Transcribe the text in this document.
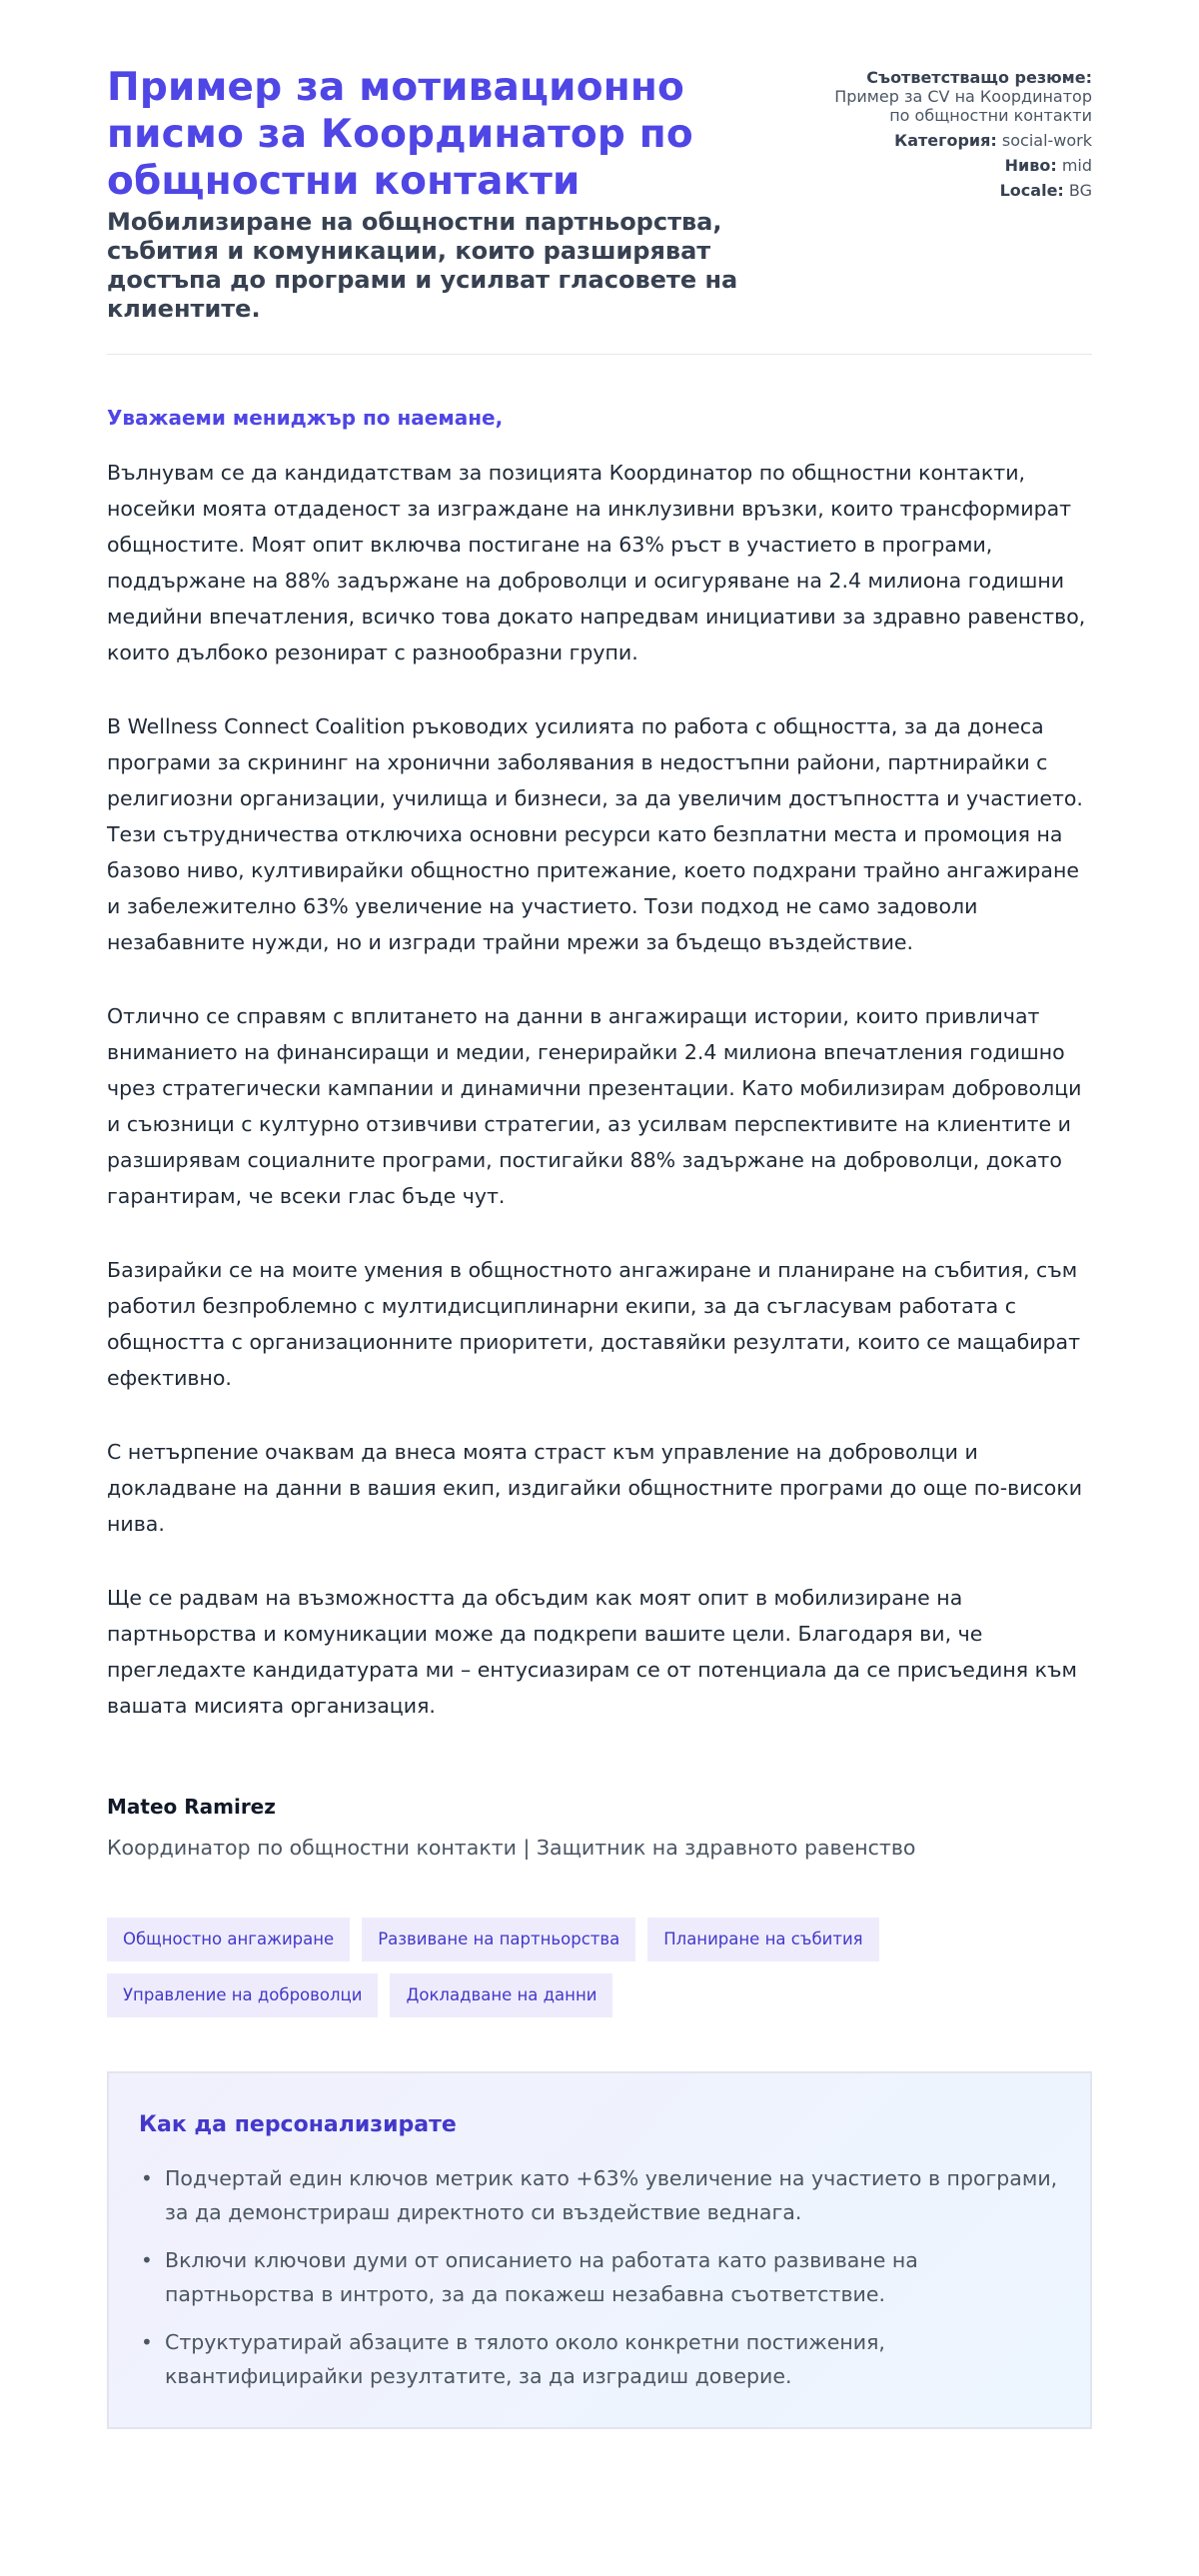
Пример за мотивационно писмо за Координатор по общностни контакти
Мобилизиране на общностни партньорства, събития и комуникации, които разширяват достъпа до програми и усилват гласовете на клиентите.
Съответстващо резюме: Пример за CV на Координатор по общностни контакти
Категория: social-work
Ниво: mid
Locale: BG
Уважаеми мениджър по наемане,

Вълнувам се да кандидатствам за позицията Координатор по общностни контакти, носейки моята отдаденост за изграждане на инклузивни връзки, които трансформират общностите. Моят опит включва постигане на 63% ръст в участието в програми, поддържане на 88% задържане на доброволци и осигуряване на 2.4 милиона годишни медийни впечатления, всичко това докато напредвам инициативи за здравно равенство, които дълбоко резонират с разнообразни групи.

В Wellness Connect Coalition ръководих усилията по работа с общността, за да донеса програми за скрининг на хронични заболявания в недостъпни райони, партнирайки с религиозни организации, училища и бизнеси, за да увеличим достъпността и участието. Тези сътрудничества отключиха основни ресурси като безплатни места и промоция на базово ниво, култивирайки общностно притежание, което подхрани трайно ангажиране и забележително 63% увеличение на участието. Този подход не само задоволи незабавните нужди, но и изгради трайни мрежи за бъдещо въздействие.

Отлично се справям с вплитането на данни в ангажиращи истории, които привличат вниманието на финансиращи и медии, генерирайки 2.4 милиона впечатления годишно чрез стратегически кампании и динамични презентации. Като мобилизирам доброволци и съюзници с културно отзивчиви стратегии, аз усилвам перспективите на клиентите и разширявам социалните програми, постигайки 88% задържане на доброволци, докато гарантирам, че всеки глас бъде чут.

Базирайки се на моите умения в общностното ангажиране и планиране на събития, съм работил безпроблемно с мултидисциплинарни екипи, за да съгласувам работата с общността с организационните приоритети, доставяйки резултати, които се мащабират ефективно.

С нетърпение очаквам да внеса моята страст към управление на доброволци и докладване на данни в вашия екип, издигайки общностните програми до още по-високи нива.

Ще се радвам на възможността да обсъдим как моят опит в мобилизиране на партньорства и комуникации може да подкрепи вашите цели. Благодаря ви, че прегледахте кандидатурата ми – ентусиазирам се от потенциала да се присъединя към вашата мисията организация.

Mateo Ramirez
Координатор по общностни контакти | Защитник на здравното равенство
Общностно ангажиране	Развиване на партньорства	Планиране на събития
Управление на доброволци	Докладване на данни
Как да персонализирате
• Подчертай един ключов метрик като +63% увеличение на участието в програми, за да демонстрираш директното си въздействие веднага.
• Включи ключови думи от описанието на работата като развиване на партньорства в интрото, за да покажеш незабавна съответствие.
• Структуратирай абзаците в тялото около конкретни постижения, квантифицирайки резултатите, за да изградиш доверие.
